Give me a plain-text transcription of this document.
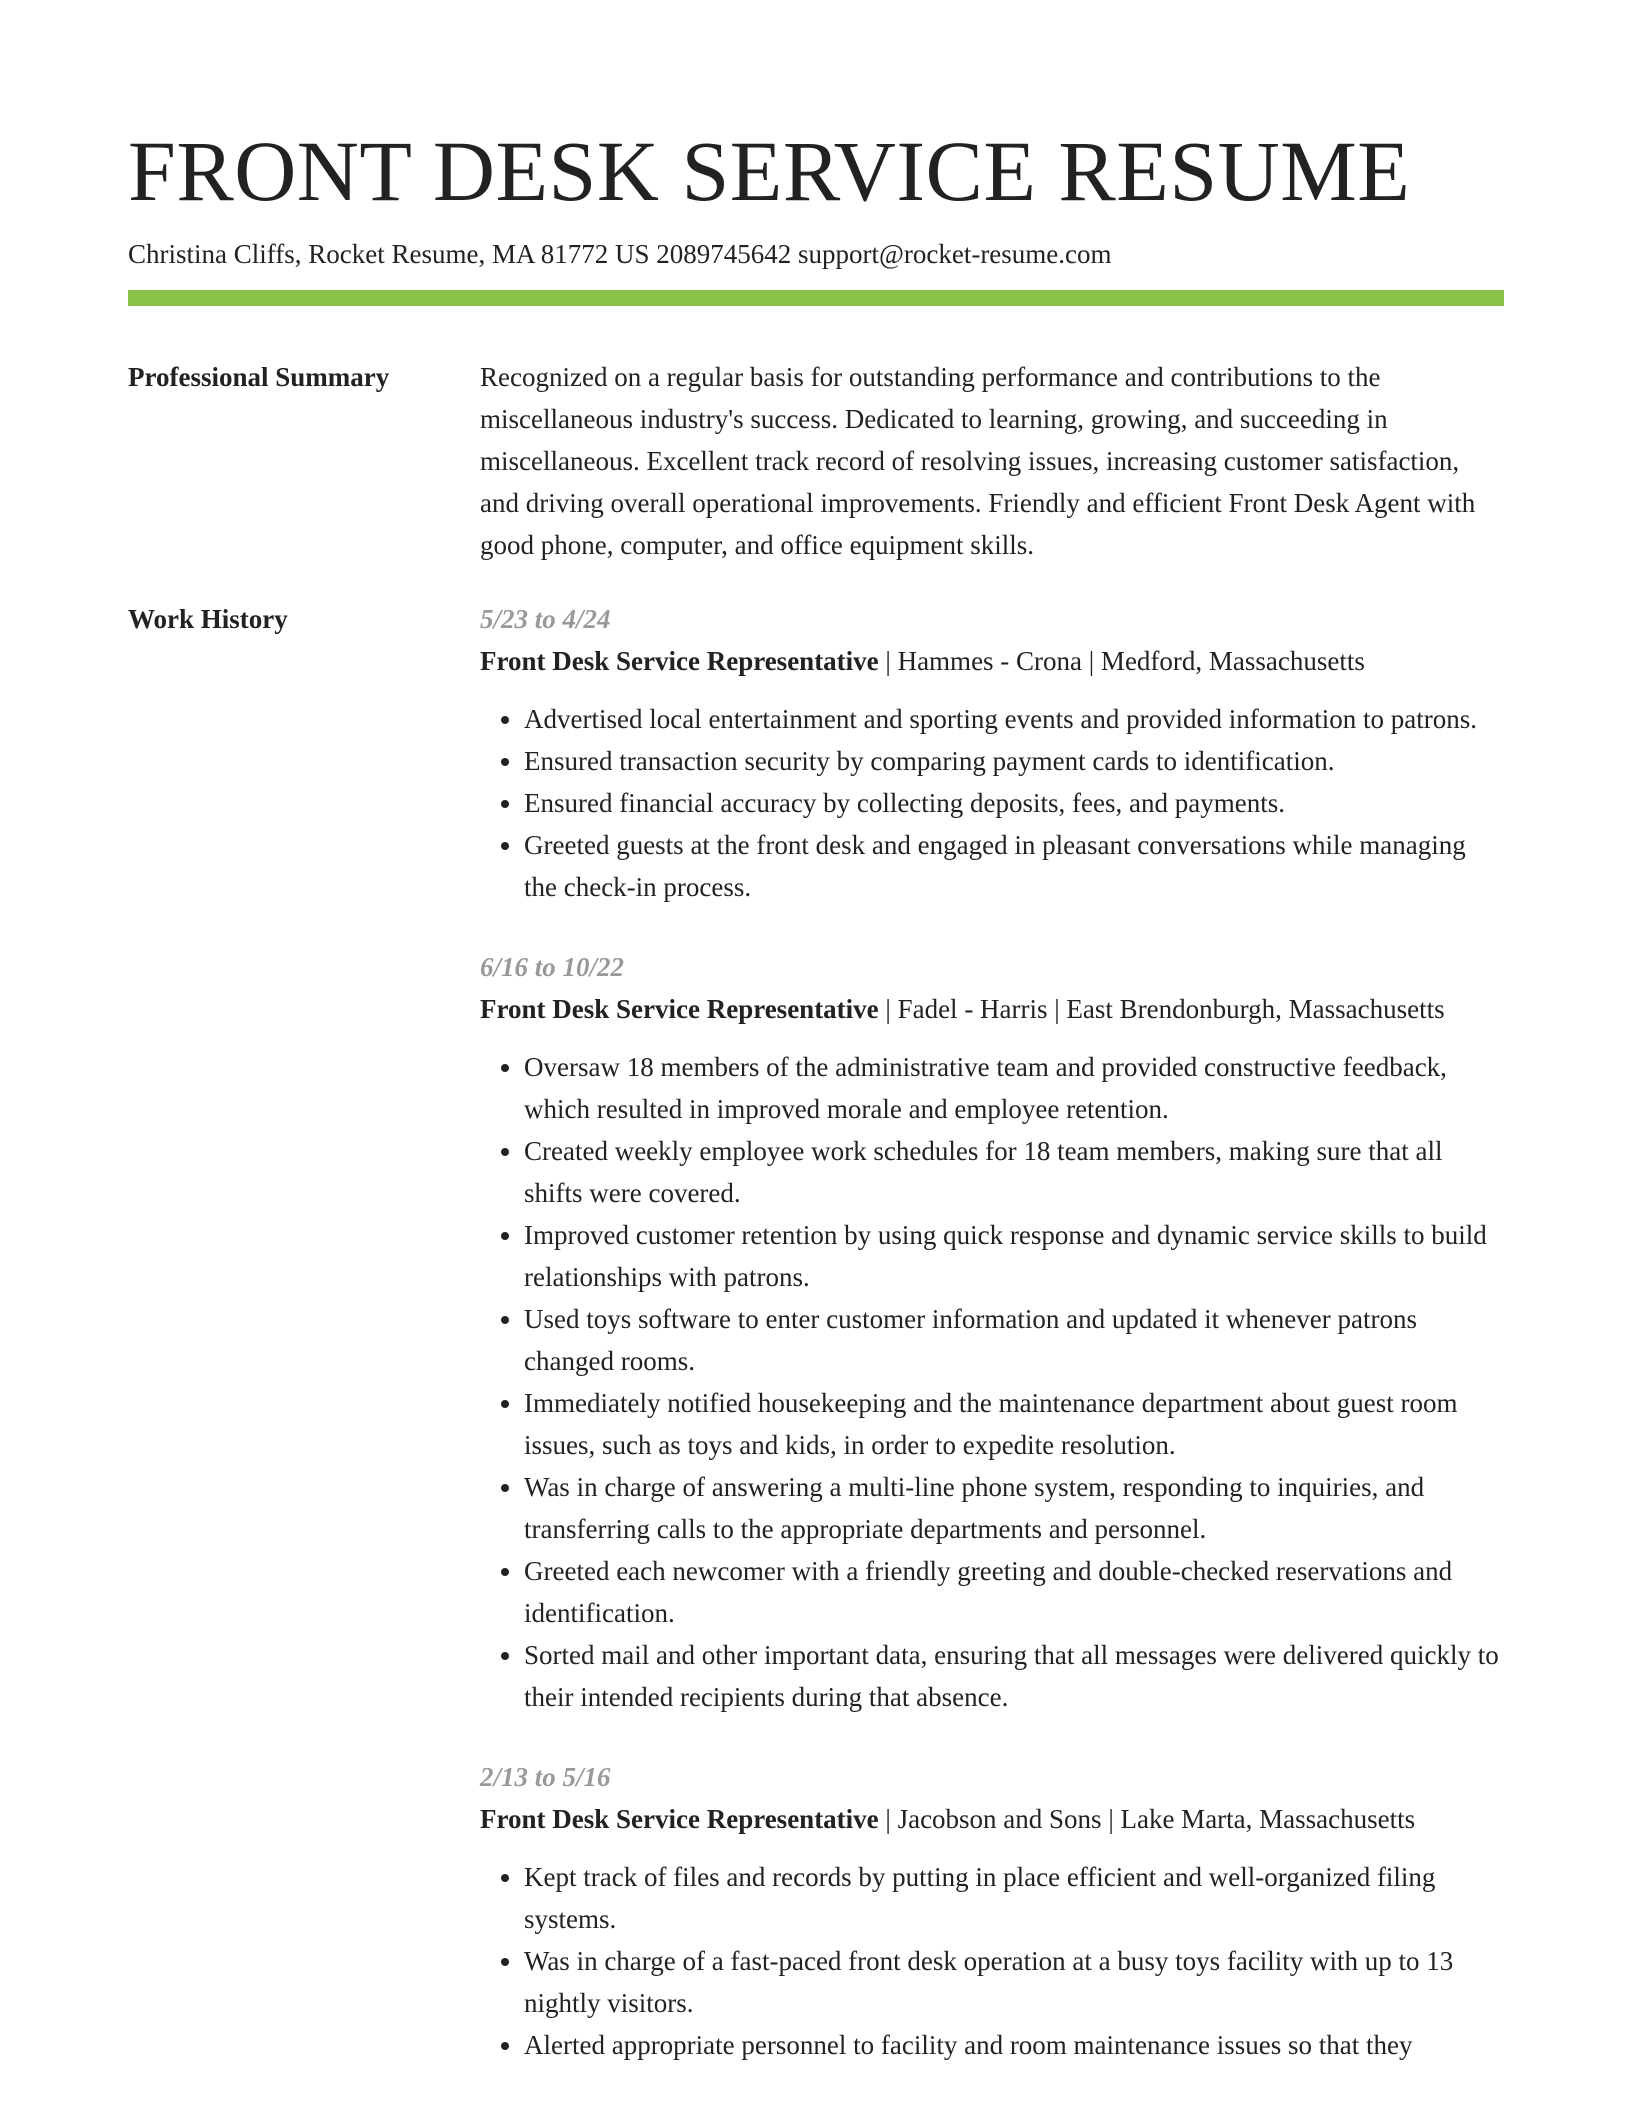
FRONT DESK SERVICE RESUME
Christina Cliffs, Rocket Resume, MA 81772 US 2089745642 support@rocket-resume.com
Professional Summary	Recognized on a regular basis for outstanding performance and contributions to the miscellaneous industry's success. Dedicated to learning, growing, and succeeding in miscellaneous. Excellent track record of resolving issues, increasing customer satisfaction, and driving overall operational improvements. Friendly and efficient Front Desk Agent with good phone, computer, and office equipment skills.

Work History	5/23 to 4/24
Front Desk Service Representative | Hammes - Crona | Medford, Massachusetts
• Advertised local entertainment and sporting events and provided information to patrons.
• Ensured transaction security by comparing payment cards to identification.
• Ensured financial accuracy by collecting deposits, fees, and payments.
• Greeted guests at the front desk and engaged in pleasant conversations while managing the check-in process.
6/16 to 10/22
Front Desk Service Representative | Fadel - Harris | East Brendonburgh, Massachusetts
• Oversaw 18 members of the administrative team and provided constructive feedback, which resulted in improved morale and employee retention.
• Created weekly employee work schedules for 18 team members, making sure that all shifts were covered.
• Improved customer retention by using quick response and dynamic service skills to build relationships with patrons.
• Used toys software to enter customer information and updated it whenever patrons changed rooms.
• Immediately notified housekeeping and the maintenance department about guest room issues, such as toys and kids, in order to expedite resolution.
• Was in charge of answering a multi-line phone system, responding to inquiries, and transferring calls to the appropriate departments and personnel.
• Greeted each newcomer with a friendly greeting and double-checked reservations and identification.
• Sorted mail and other important data, ensuring that all messages were delivered quickly to their intended recipients during that absence.
2/13 to 5/16
Front Desk Service Representative | Jacobson and Sons | Lake Marta, Massachusetts
• Kept track of files and records by putting in place efficient and well-organized filing systems.
• Was in charge of a fast-paced front desk operation at a busy toys facility with up to 13 nightly visitors.
• Alerted appropriate personnel to facility and room maintenance issues so that they
